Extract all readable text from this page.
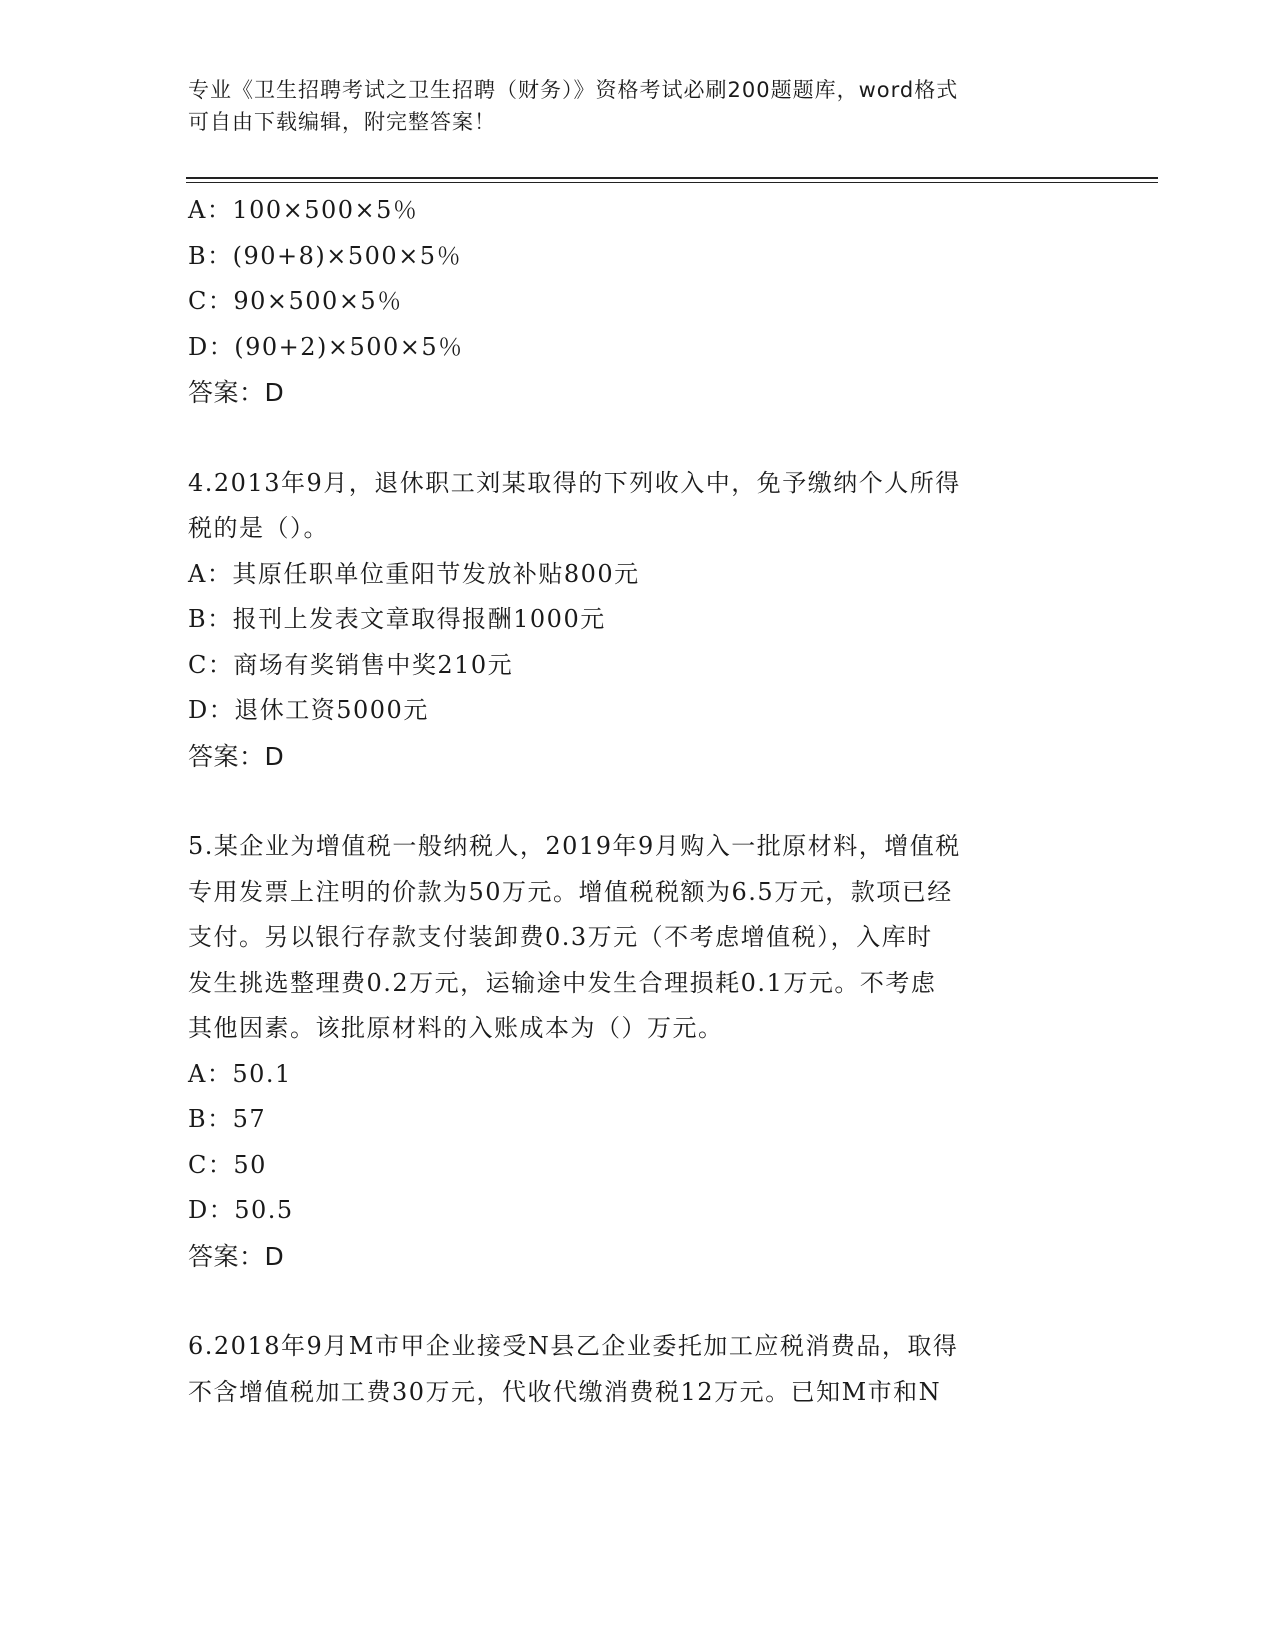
专业《卫生招聘考试之卫生招聘（财务）》资格考试必刷200题题库，word格式
可自由下载编辑，附完整答案！
A：100×500×5％
B：(90+8)×500×5％
C：90×500×5％
D：(90+2)×500×5％
答案：D
4.2013年9月，退休职工刘某取得的下列收入中，免予缴纳个人所得
税的是（）。
A：其原任职单位重阳节发放补贴800元
B：报刊上发表文章取得报酬1000元
C：商场有奖销售中奖210元
D：退休工资5000元
答案：D
5.某企业为增值税一般纳税人，2019年9月购入一批原材料，增值税
专用发票上注明的价款为50万元。增值税税额为6.5万元，款项已经
支付。另以银行存款支付装卸费0.3万元（不考虑增值税），入库时
发生挑选整理费0.2万元，运输途中发生合理损耗0.1万元。不考虑
其他因素。该批原材料的入账成本为（）万元。
A：50.1
B：57
C：50
D：50.5
答案：D
6.2018年9月M市甲企业接受N县乙企业委托加工应税消费品，取得
不含增值税加工费30万元，代收代缴消费税12万元。已知M市和N
